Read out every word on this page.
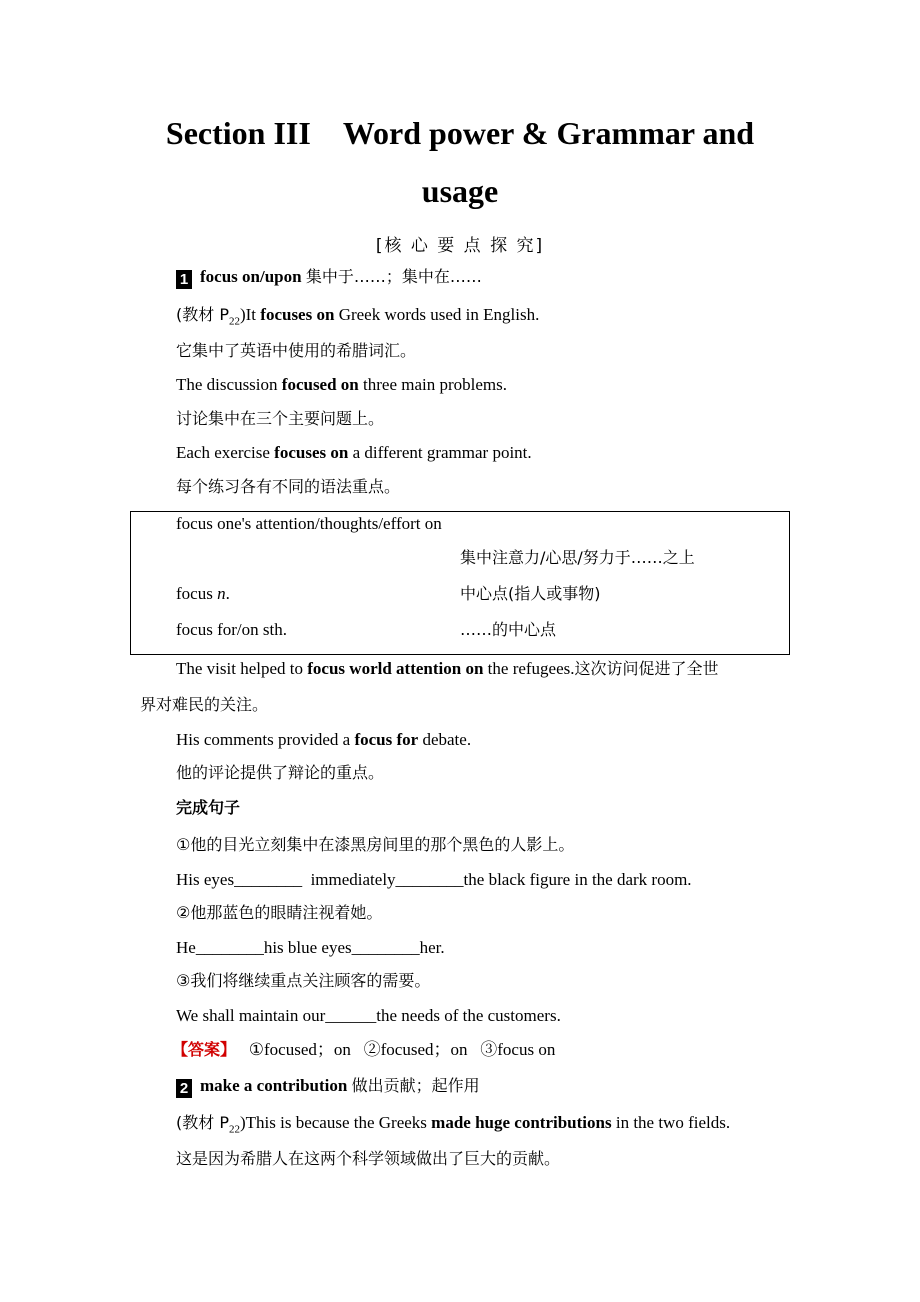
Section III　Word power & Grammar and
usage
[核 心 要 点 探 究]
1 focus on/upon 集中于……；集中在……
(教材 $P_{22})It$ focuses on Greek words used in English.
它集中了英语中使用的希腊词汇。
The discussion focused on three main problems.
讨论集中在三个主要问题上。
Each exercise focuses on a different grammar point.
每个练习各有不同的语法重点。
focus one's attention/thoughts/effort on
集中注意力/心思/努力于……之上
focus n.	中心点(指人或事物)
focus for/on sth.	……的中心点
The visit helped to focus world attention on the refugees.这次访问促进了全世
界对难民的关注。
His comments provided a focus for debate.
他的评论提供了辩论的重点。
完成句子
①他的目光立刻集中在漆黑房间里的那个黑色的人影上。
His eyes________  immediately________the black figure in the dark room.
②他那蓝色的眼睛注视着她。
He________his blue eyes________her.
③我们将继续重点关注顾客的需要。
We shall maintain our______the needs of the customers.
【答案】 ①focused；on   ②focused；on   ③focus on
2 make a contribution 做出贡献；起作用
(教材 $P_{22})This$ is because the Greeks made huge contributions in the two fields.
这是因为希腊人在这两个科学领域做出了巨大的贡献。
